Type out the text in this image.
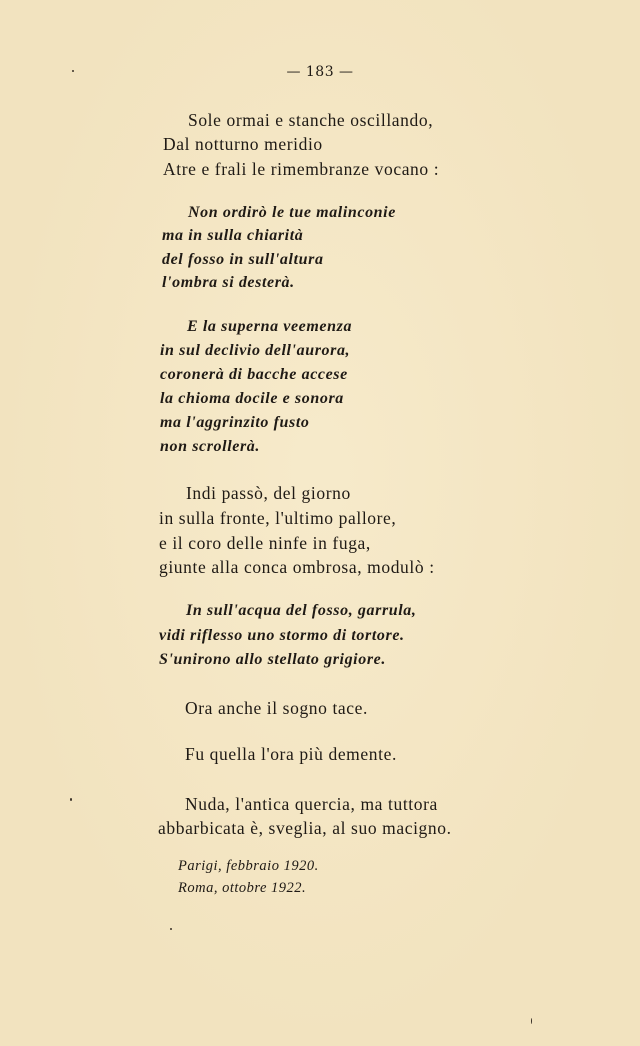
— 183 —
Sole ormai e stanche oscillando,
Dal notturno meridio
Atre e frali le rimembranze vocano :
Non ordirò le tue malinconie
ma in sulla chiarità
del fosso in sull'altura
l'ombra si desterà.
E la superna veemenza
in sul declivio dell'aurora,
coronerà di bacche accese
la chioma docile e sonora
ma l'aggrinzito fusto
non scrollerà.
Indi passò, del giorno
in sulla fronte, l'ultimo pallore,
e il coro delle ninfe in fuga,
giunte alla conca ombrosa, modulò :
In sull'acqua del fosso, garrula,
vidi riflesso uno stormo di tortore.
S'unirono allo stellato grigiore.
Ora anche il sogno tace.
Fu quella l'ora più demente.
Nuda, l'antica quercia, ma tuttora
abbarbicata è, sveglia, al suo macigno.
Parigi, febbraio 1920.
Roma, ottobre 1922.
